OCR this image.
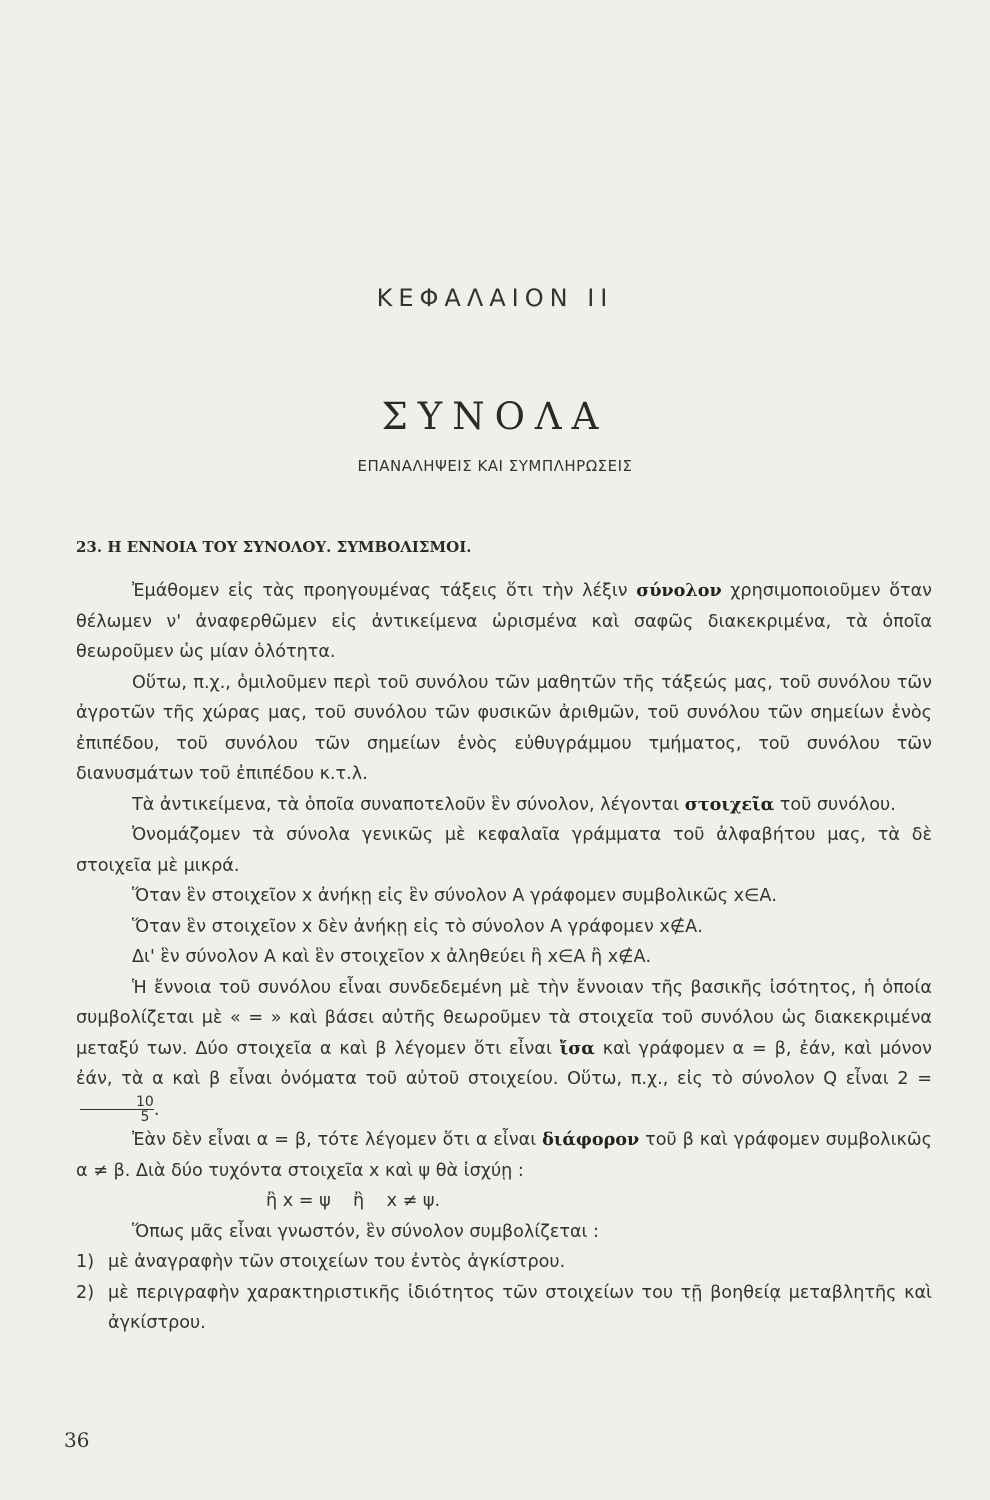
ΚΕΦΑΛΑΙΟΝ ΙΙ
ΣΥΝΟΛΑ
ΕΠΑΝΑΛΗΨΕΙΣ ΚΑΙ ΣΥΜΠΛΗΡΩΣΕΙΣ
23. Η ΕΝΝΟΙΑ ΤΟΥ ΣΥΝΟΛΟΥ. ΣΥΜΒΟΛΙΣΜΟΙ.

Ἐμάθομεν εἰς τὰς προηγουμένας τάξεις ὅτι τὴν λέξιν σύνολον χρησιμοποιοῦμεν ὅταν θέλωμεν ν' ἀναφερθῶμεν εἰς ἀντικείμενα ὡρισμένα καὶ σαφῶς διακεκριμένα, τὰ ὁποῖα θεωροῦμεν ὡς μίαν ὁλότητα.

Οὕτω, π.χ., ὁμιλοῦμεν περὶ τοῦ συνόλου τῶν μαθητῶν τῆς τάξεώς μας, τοῦ συνόλου τῶν ἀγροτῶν τῆς χώρας μας, τοῦ συνόλου τῶν φυσικῶν ἀριθμῶν, τοῦ συνόλου τῶν σημείων ἑνὸς ἐπιπέδου, τοῦ συνόλου τῶν σημείων ἑνὸς εὐθυγράμμου τμήματος, τοῦ συνόλου τῶν διανυσμάτων τοῦ ἐπιπέδου κ.τ.λ.

Τὰ ἀντικείμενα, τὰ ὁποῖα συναποτελοῦν ἓν σύνολον, λέγονται στοιχεῖα τοῦ συνόλου.

Ὀνομάζομεν τὰ σύνολα γενικῶς μὲ κεφαλαῖα γράμματα τοῦ ἀλφαβήτου μας, τὰ δὲ στοιχεῖα μὲ μικρά.

Ὅταν ἓν στοιχεῖον x ἀνήκῃ εἰς ἓν σύνολον Α γράφομεν συμβολικῶς x∈Α.

Ὅταν ἓν στοιχεῖον x δὲν ἀνήκῃ εἰς τὸ σύνολον Α γράφομεν x∉Α.

Δι' ἓν σύνολον Α καὶ ἓν στοιχεῖον x ἀληθεύει ἢ x∈Α ἢ x∉Α.

Ἡ ἔννοια τοῦ συνόλου εἶναι συνδεδεμένη μὲ τὴν ἔννοιαν τῆς βασικῆς ἰσότητος, ἡ ὁποία συμβολίζεται μὲ « = » καὶ βάσει αὐτῆς θεωροῦμεν τὰ στοιχεῖα τοῦ συνόλου ὡς διακεκριμένα μεταξύ των. Δύο στοιχεῖα α καὶ β λέγομεν ὅτι εἶναι ἴσα καὶ γράφομεν α = β, ἐάν, καὶ μόνον ἐάν, τὰ α καὶ β εἶναι ὀνόματα τοῦ αὐτοῦ στοιχείου. Οὕτω, π.χ., εἰς τὸ σύνολον Q εἶναι 2 =
$\frac{10}{5}$ .

Ἐὰν δὲν εἶναι α = β, τότε λέγομεν ὅτι α εἶναι διάφορον τοῦ β καὶ γράφομεν συμβολικῶς α ≠ β. Διὰ δύο τυχόντα στοιχεῖα x καὶ ψ θὰ ἰσχύῃ :

ἢ x = ψ    ἢ    x ≠ ψ.

Ὅπως μᾶς εἶναι γνωστόν, ἓν σύνολον συμβολίζεται :

1) μὲ ἀναγραφὴν τῶν στοιχείων του ἐντὸς ἀγκίστρου.

2) μὲ περιγραφὴν χαρακτηριστικῆς ἰδιότητος τῶν στοιχείων του τῇ βοηθείᾳ μεταβλητῆς καὶ ἀγκίστρου.

36
